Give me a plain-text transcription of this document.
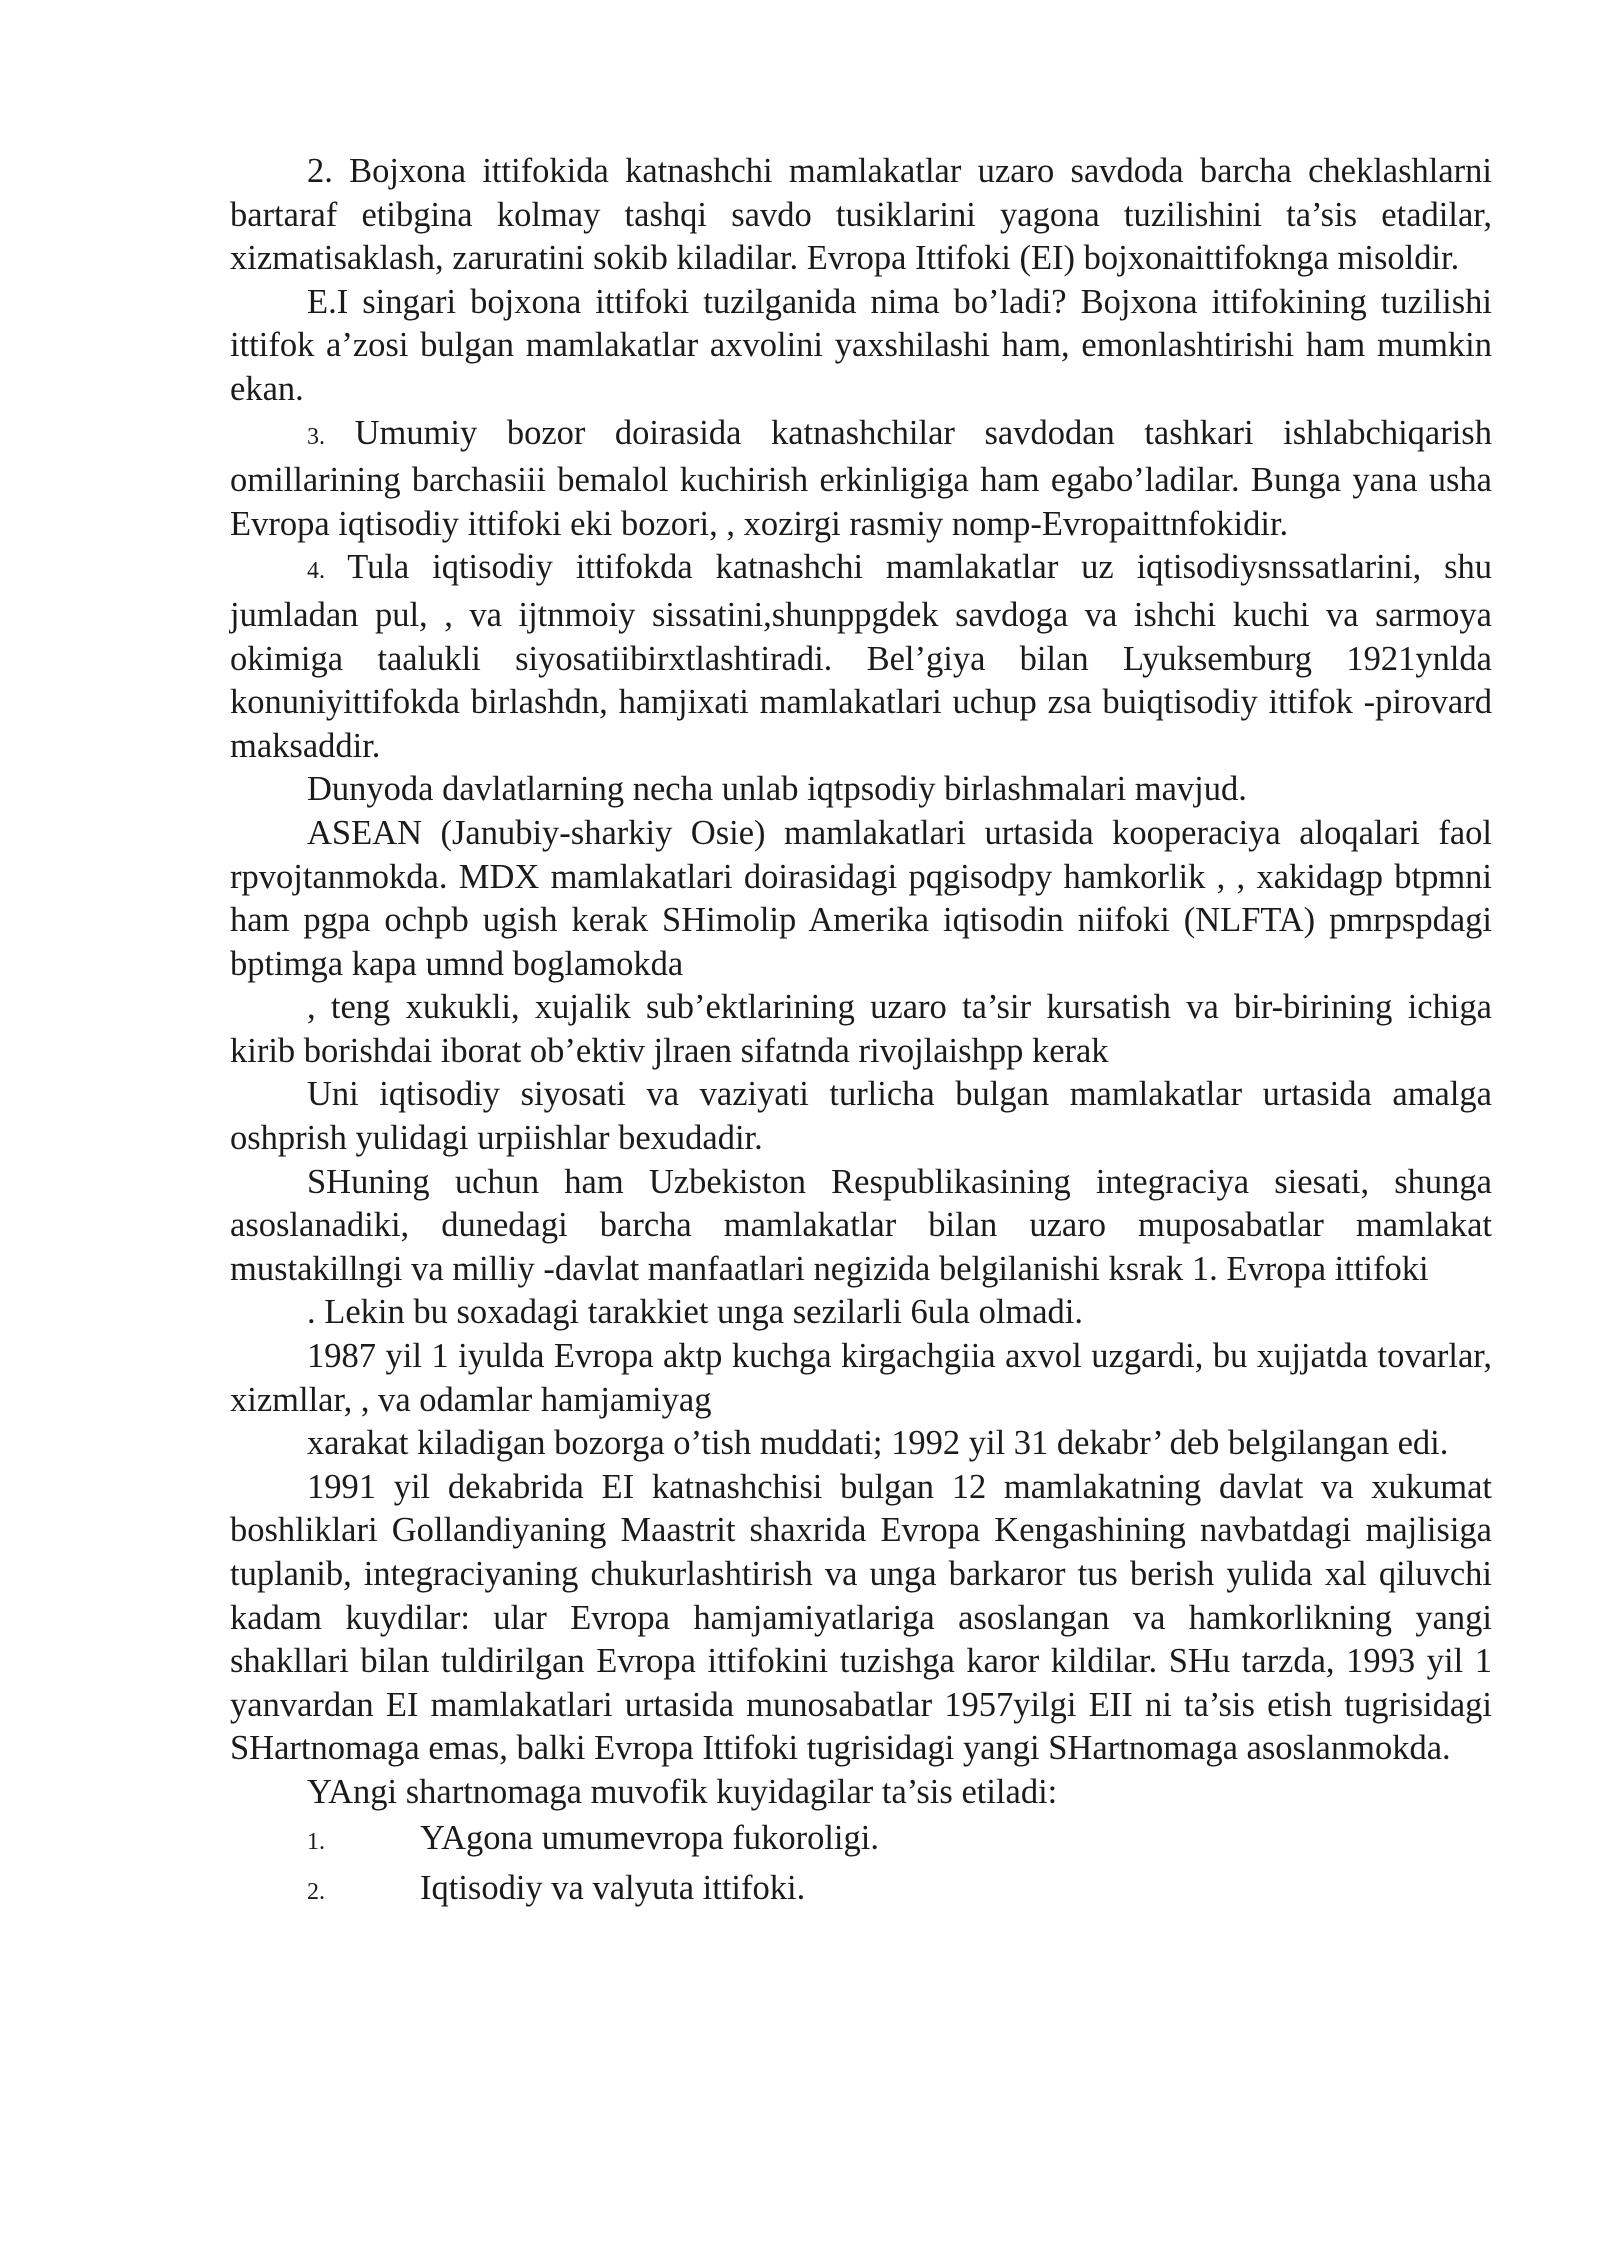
2. Bojxona ittifokida katnashchi mamlakatlar uzaro savdoda barcha cheklashlarni bartaraf etibgina kolmay tashqi savdo tusiklarini yagona tuzilishini ta’sis etadilar, xizmatisaklash, zaruratini sokib kiladilar. Evropa Ittifoki (EI) bojxonaittifoknga misoldir.

E.I singari bojxona ittifoki tuzilganida nima bo’ladi? Bojxona ittifokining tuzilishi ittifok a’zosi bulgan mamlakatlar axvolini yaxshilashi ham, emonlashtirishi ham mumkin ekan.

3. Umumiy bozor doirasida katnashchilar savdodan tashkari ishlabchiqarish omillarining barchasiii bemalol kuchirish erkinligiga ham egabo’ladilar. Bunga yana usha Evropa iqtisodiy ittifoki eki bozori, , xozirgi rasmiy nomp-Evropaittnfokidir.

4. Tula iqtisodiy ittifokda katnashchi mamlakatlar uz iqtisodiysnssatlarini, shu jumladan pul, , va ijtnmoiy sissatini,shunppgdek savdoga va ishchi kuchi va sarmoya okimiga taalukli siyosatiibirxtlashtiradi. Bel’giya bilan Lyuksemburg 1921ynlda konuniyittifokda birlashdn, hamjixati mamlakatlari uchup zsa buiqtisodiy ittifok -pirovard maksaddir.

Dunyoda davlatlarning necha unlab iqtpsodiy birlashmalari mavjud.

ASEAN (Janubiy-sharkiy Osie) mamlakatlari urtasida kooperaciya aloqalari faol rpvojtanmokda. MDX mamlakatlari doirasidagi pqgisodpy hamkorlik , , xakidagp btpmni ham pgpa ochpb ugish kerak SHimolip Amerika iqtisodin niifoki (NLFTA) pmrpspdagi bptimga kapa umnd boglamokda

, teng xukukli, xujalik sub’ektlarining uzaro ta’sir kursatish va bir-birining ichiga kirib borishdai iborat ob’ektiv jlraen sifatnda rivojlaishpp kerak

Uni iqtisodiy siyosati va vaziyati turlicha bulgan mamlakatlar urtasida amalga oshprish yulidagi urpiishlar bexudadir.

SHuning uchun ham Uzbekiston Respublikasining integraciya siesati, shunga asoslanadiki, dunedagi barcha mamlakatlar bilan uzaro muposabatlar mamlakat mustakillngi va milliy -davlat manfaatlari negizida belgilanishi ksrak 1. Evropa ittifoki

. Lekin bu soxadagi tarakkiet unga sezilarli 6ula olmadi.

1987 yil 1 iyulda Evropa aktp kuchga kirgachgiia axvol uzgardi, bu xujjatda tovarlar, xizmllar, , va odamlar hamjamiyag

xarakat kiladigan bozorga o’tish muddati; 1992 yil 31 dekabr’ deb belgilangan edi.

1991 yil dekabrida EI katnashchisi bulgan 12 mamlakatning davlat va xukumat boshliklari Gollandiyaning Maastrit shaxrida Evropa Kengashining navbatdagi majlisiga tuplanib, integraciyaning chukurlashtirish va unga barkaror tus berish yulida xal qiluvchi kadam kuydilar: ular Evropa hamjamiyatlariga asoslangan va hamkorlikning yangi shakllari bilan tuldirilgan Evropa ittifokini tuzishga karor kildilar. SHu tarzda, 1993 yil 1 yanvardan EI mamlakatlari urtasida munosabatlar 1957yilgi EII ni ta’sis etish tugrisidagi SHartnomaga emas, balki Evropa Ittifoki tugrisidagi yangi SHartnomaga asoslanmokda.

YAngi shartnomaga muvofik kuyidagilar ta’sis etiladi:

1.	YAgona umumevropa fukoroligi.

2.	Iqtisodiy va valyuta ittifoki.
